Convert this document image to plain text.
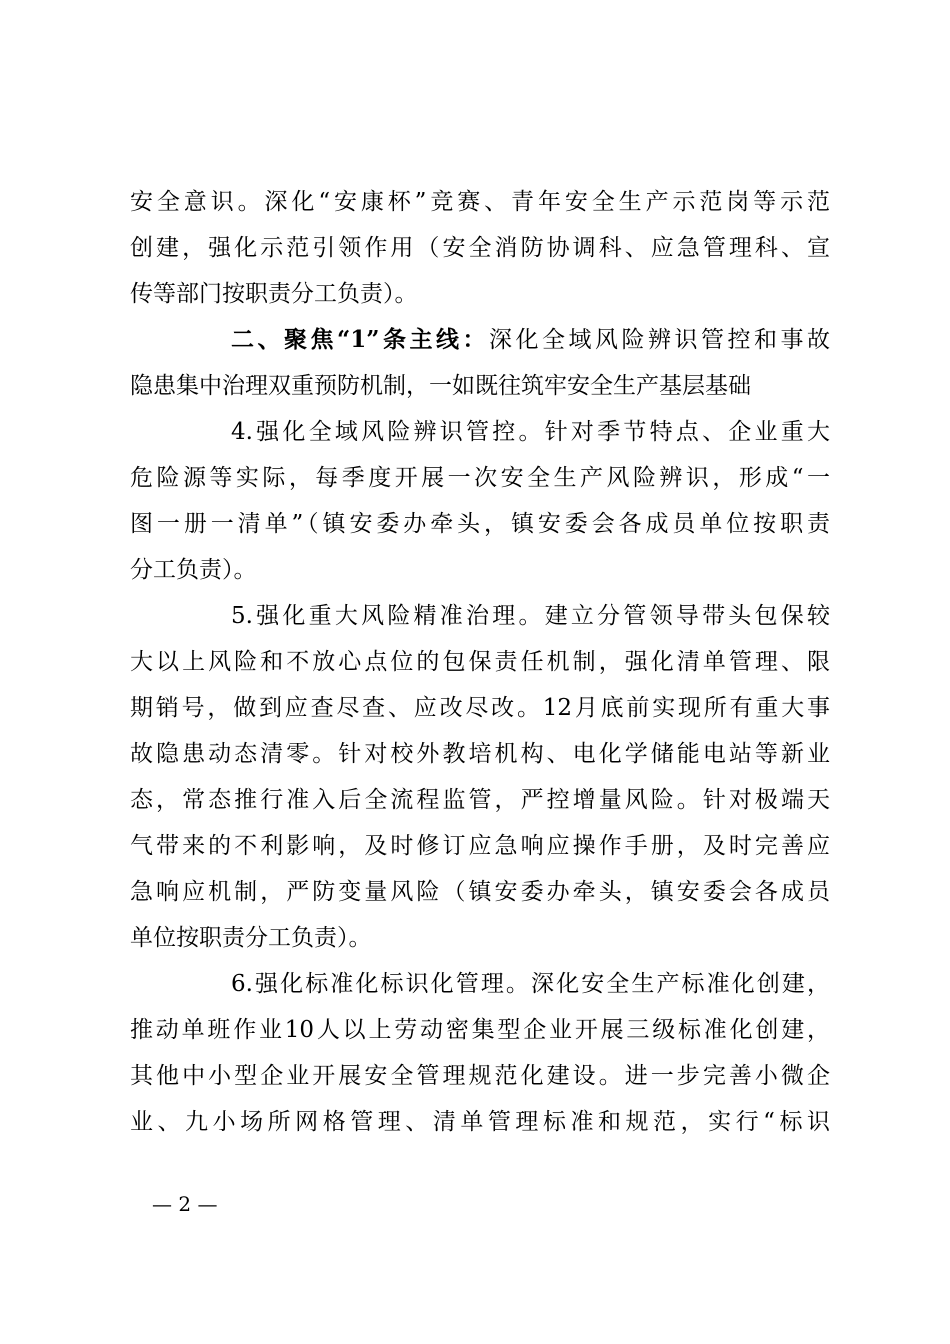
安全意识。深化“安康杯”竞赛、青年安全生产示范岗等示范
创建，强化示范引领作用（安全消防协调科、应急管理科、宣
传等部门按职责分工负责）。
二、聚焦“1”条主线：深化全域风险辨识管控和事故
隐患集中治理双重预防机制，一如既往筑牢安全生产基层基础
4.强化全域风险辨识管控。针对季节特点、企业重大
危险源等实际，每季度开展一次安全生产风险辨识，形成“一
图一册一清单”（镇安委办牵头，镇安委会各成员单位按职责
分工负责）。
5.强化重大风险精准治理。建立分管领导带头包保较
大以上风险和不放心点位的包保责任机制，强化清单管理、限
期销号，做到应查尽查、应改尽改。12月底前实现所有重大事
故隐患动态清零。针对校外教培机构、电化学储能电站等新业
态，常态推行准入后全流程监管，严控增量风险。针对极端天
气带来的不利影响，及时修订应急响应操作手册，及时完善应
急响应机制，严防变量风险（镇安委办牵头，镇安委会各成员
单位按职责分工负责）。
6.强化标准化标识化管理。深化安全生产标准化创建，
推动单班作业10人以上劳动密集型企业开展三级标准化创建，
其他中小型企业开展安全管理规范化建设。进一步完善小微企
业、九小场所网格管理、清单管理标准和规范，实行“标识
— 2 —
